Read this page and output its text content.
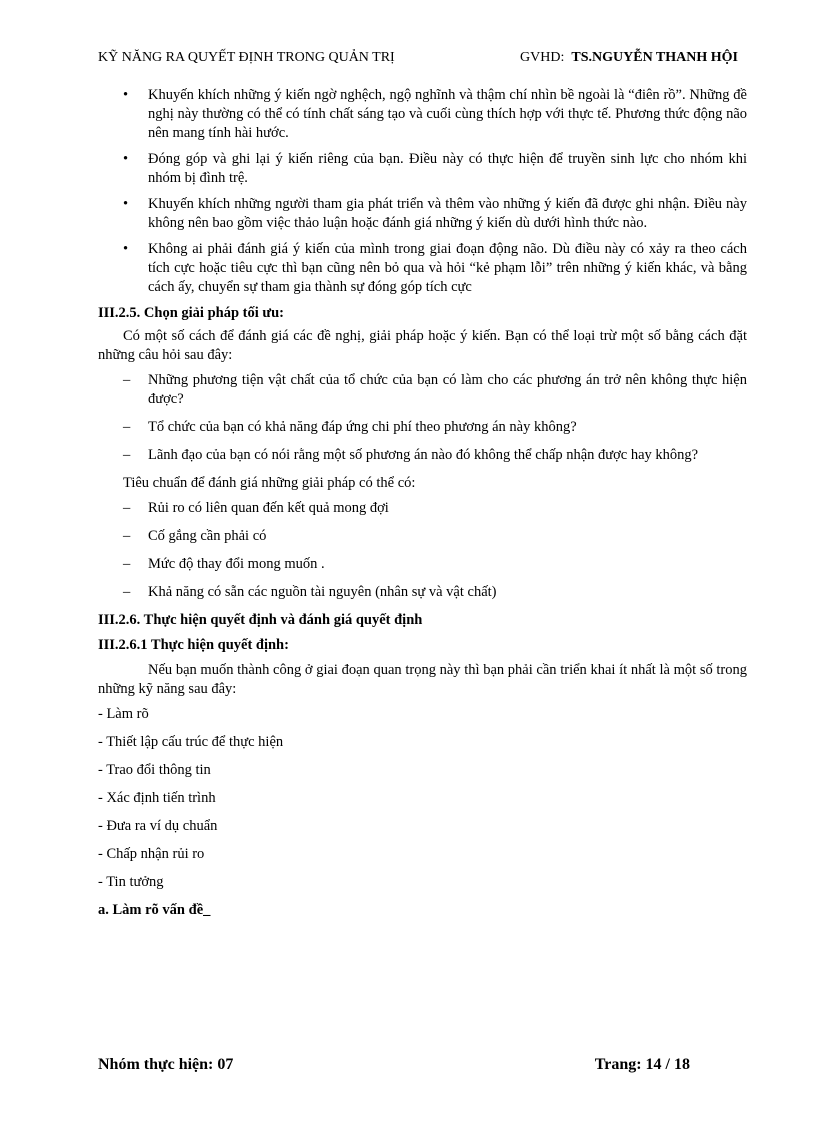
KỸ NĂNG RA QUYẾT ĐỊNH TRONG QUẢN TRỊ	GVHD: TS.NGUYỄN THANH HỘI
• Khuyến khích những ý kiến ngờ nghệch, ngộ nghĩnh và thậm chí nhìn bề ngoài là “điên rồ”. Những đề nghị này thường có thể có tính chất sáng tạo và cuối cùng thích hợp với thực tế. Phương thức động não nên mang tính hài hước.
• Đóng góp và ghi lại ý kiến riêng của bạn. Điều này có thực hiện để truyền sinh lực cho nhóm khi nhóm bị đình trệ.
• Khuyến khích những người tham gia phát triển và thêm vào những ý kiến đã được ghi nhận. Điều này không nên bao gồm việc thảo luận hoặc đánh giá những ý kiến dù dưới hình thức nào.
• Không ai phải đánh giá ý kiến của mình trong giai đoạn động não. Dù điều này có xảy ra theo cách tích cực hoặc tiêu cực thì bạn cũng nên bỏ qua và hỏi “kẻ phạm lỗi” trên những ý kiến khác, và bằng cách ấy, chuyển sự tham gia thành sự đóng góp tích cực
III.2.5. Chọn giải pháp tối ưu:
Có một số cách để đánh giá các đề nghị, giải pháp hoặc ý kiến. Bạn có thể loại trừ một số bằng cách đặt những câu hỏi sau đây:
– Những phương tiện vật chất của tổ chức của bạn có làm cho các phương án trở nên không thực hiện được?
– Tổ chức của bạn có khả năng đáp ứng chi phí theo phương án này không?
– Lãnh đạo của bạn có nói rằng một số phương án nào đó không thể chấp nhận được hay không?
Tiêu chuẩn để đánh giá những giải pháp có thể có:
– Rủi ro có liên quan đến kết quả mong đợi
– Cố gắng cần phải có
– Mức độ thay đổi mong muốn .
– Khả năng có sẵn các nguồn tài nguyên (nhân sự và vật chất)
III.2.6. Thực hiện quyết định và đánh giá quyết định
III.2.6.1 Thực hiện quyết định:
Nếu bạn muốn thành công ở giai đoạn quan trọng này thì bạn phải cần triển khai ít nhất là một số trong những kỹ năng sau đây:
- Làm rõ
- Thiết lập cấu trúc để thực hiện
- Trao đổi thông tin
- Xác định tiến trình
- Đưa ra ví dụ chuẩn
- Chấp nhận rủi ro
- Tin tưởng
a. Làm rõ vấn đề_
Nhóm thực hiện: 07	Trang: 14 / 18
